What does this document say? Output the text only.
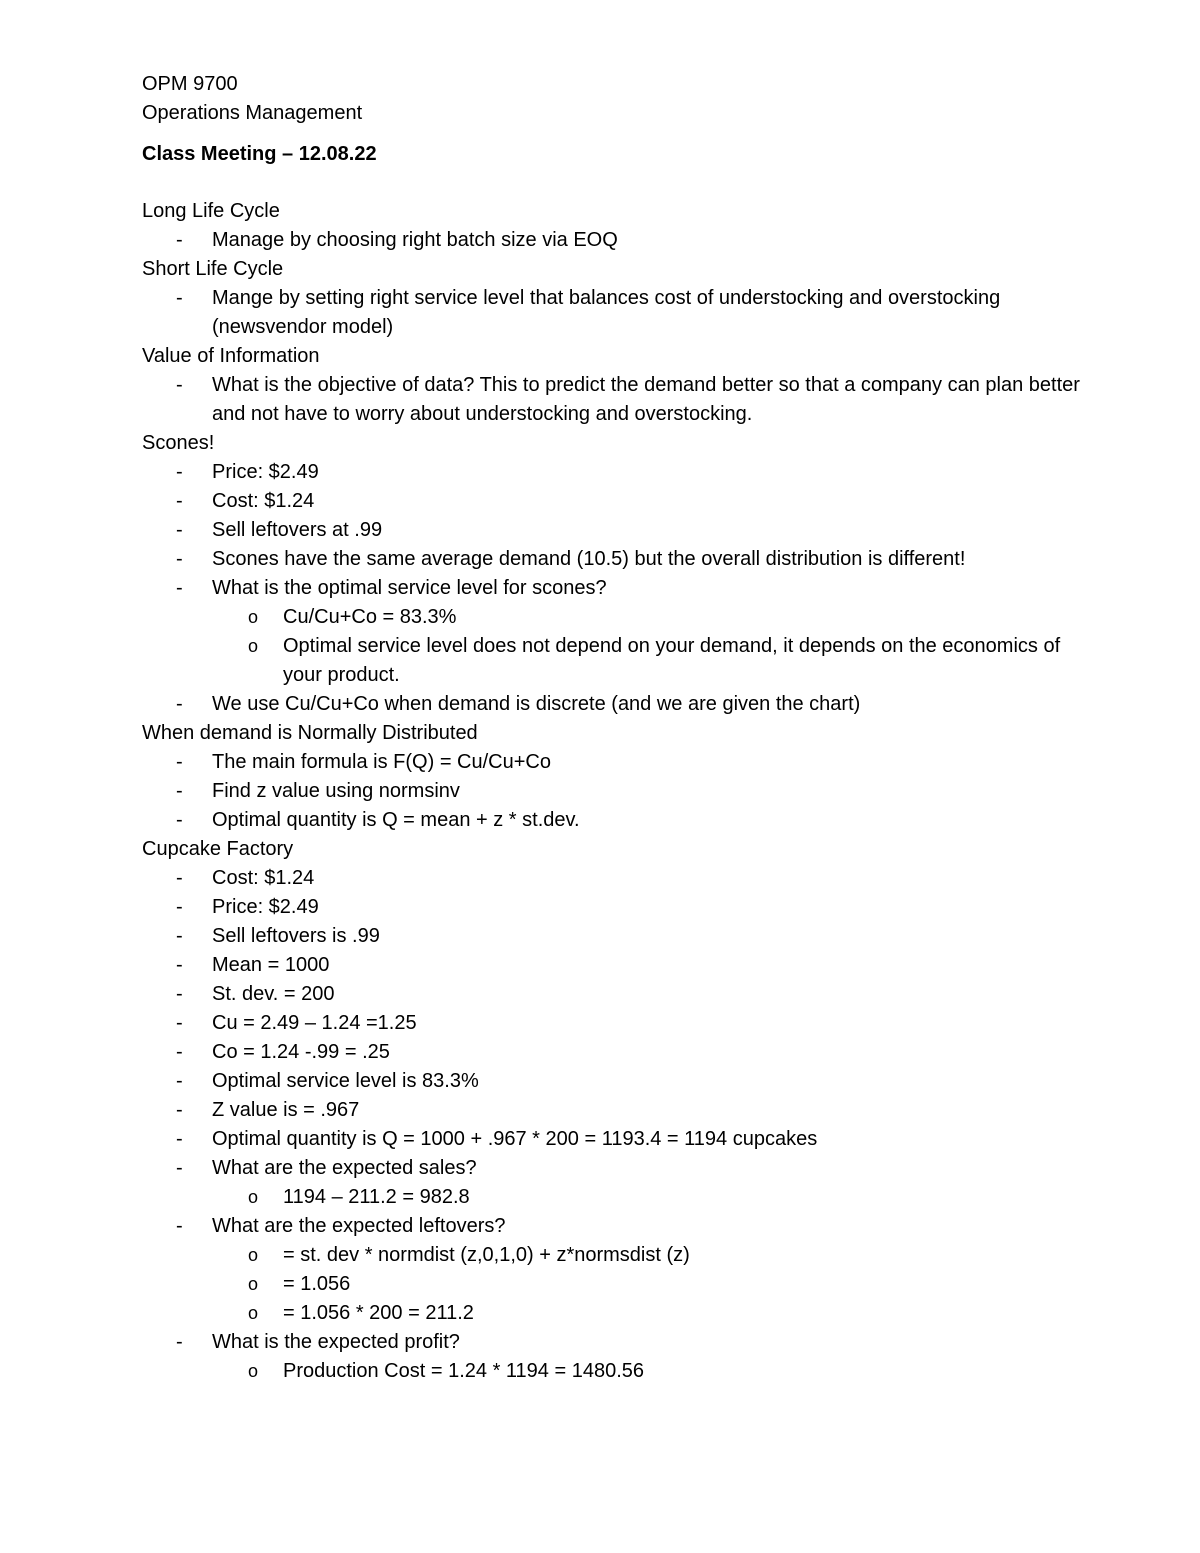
OPM 9700

Operations Management

Class Meeting – 12.08.22

Long Life Cycle

- Manage by choosing right batch size via EOQ

Short Life Cycle

- Mange by setting right service level that balances cost of understocking and overstocking (newsvendor model)

Value of Information

- What is the objective of data? This to predict the demand better so that a company can plan better and not have to worry about understocking and overstocking.

Scones!

- Price: $2.49
- Cost: $1.24
- Sell leftovers at .99
- Scones have the same average demand (10.5) but the overall distribution is different!
- What is the optimal service level for scones?
o Cu/Cu+Co = 83.3%
o Optimal service level does not depend on your demand, it depends on the economics of your product.
- We use Cu/Cu+Co when demand is discrete (and we are given the chart)

When demand is Normally Distributed

- The main formula is F(Q) = Cu/Cu+Co
- Find z value using normsinv
- Optimal quantity is Q = mean + z * st.dev.

Cupcake Factory

- Cost: $1.24
- Price: $2.49
- Sell leftovers is .99
- Mean = 1000
- St. dev. = 200
- Cu = 2.49 – 1.24 =1.25
- Co = 1.24 -.99 = .25
- Optimal service level is 83.3%
- Z value is = .967
- Optimal quantity is Q = 1000 + .967 * 200 = 1193.4 = 1194 cupcakes
- What are the expected sales?
o 1194 – 211.2 = 982.8
- What are the expected leftovers?
o = st. dev * normdist (z,0,1,0) + z*normsdist (z)
o = 1.056
o = 1.056 * 200 = 211.2
- What is the expected profit?
o Production Cost = 1.24 * 1194 = 1480.56
